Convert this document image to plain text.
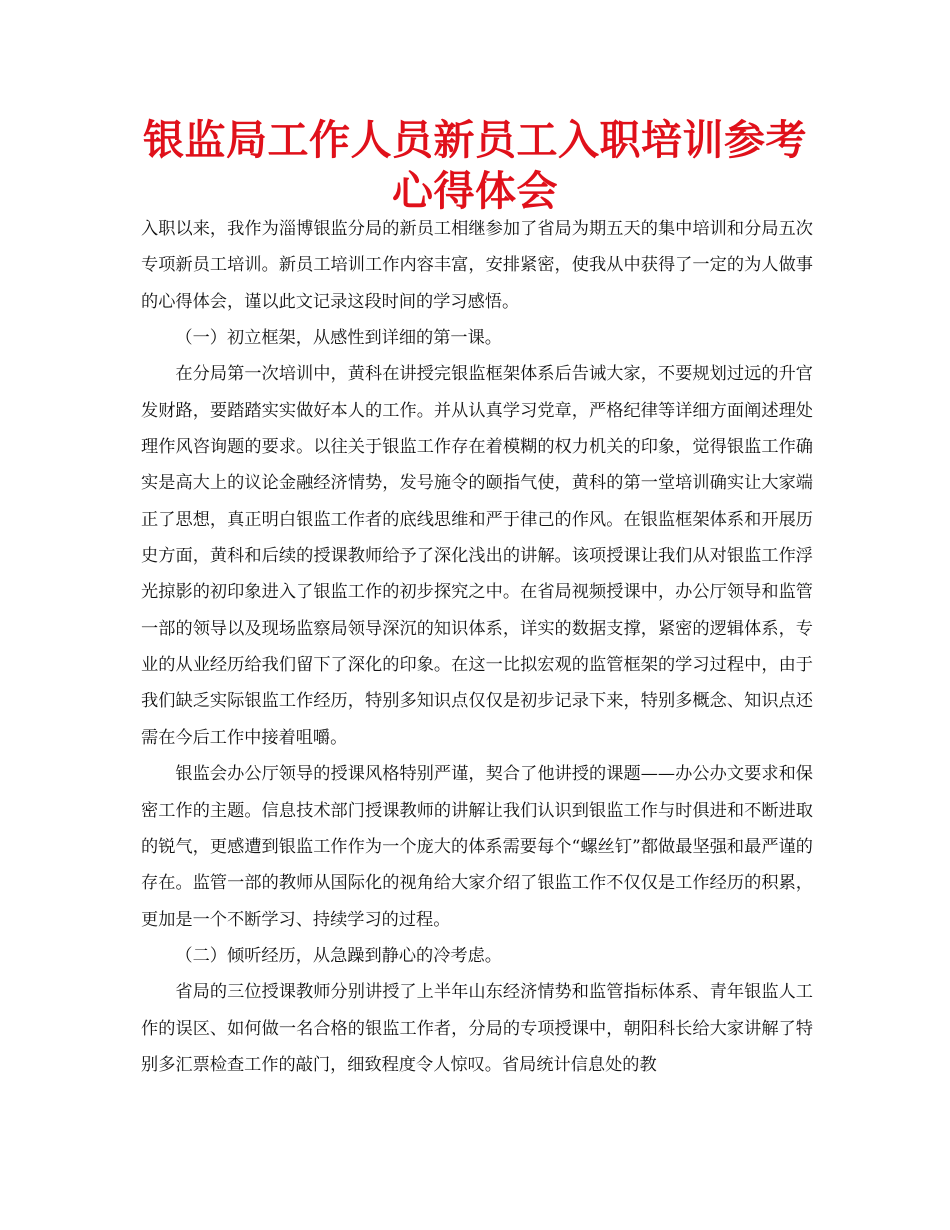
银监局工作人员新员工入职培训参考心得体会

入职以来，我作为淄博银监分局的新员工相继参加了省局为期五天的集中培训和分局五次专项新员工培训。新员工培训工作内容丰富，安排紧密，使我从中获得了一定的为人做事的心得体会，谨以此文记录这段时间的学习感悟。

（一）初立框架，从感性到详细的第一课。

在分局第一次培训中，黄科在讲授完银监框架体系后告诫大家，不要规划过远的升官发财路，要踏踏实实做好本人的工作。并从认真学习党章，严格纪律等详细方面阐述理处理作风咨询题的要求。以往关于银监工作存在着模糊的权力机关的印象，觉得银监工作确实是高大上的议论金融经济情势，发号施令的颐指气使，黄科的第一堂培训确实让大家端正了思想，真正明白银监工作者的底线思维和严于律己的作风。在银监框架体系和开展历史方面，黄科和后续的授课教师给予了深化浅出的讲解。该项授课让我们从对银监工作浮光掠影的初印象进入了银监工作的初步探究之中。在省局视频授课中，办公厅领导和监管一部的领导以及现场监察局领导深沉的知识体系，详实的数据支撑，紧密的逻辑体系，专业的从业经历给我们留下了深化的印象。在这一比拟宏观的监管框架的学习过程中，由于我们缺乏实际银监工作经历，特别多知识点仅仅是初步记录下来，特别多概念、知识点还需在今后工作中接着咀嚼。

银监会办公厅领导的授课风格特别严谨，契合了他讲授的课题——办公办文要求和保密工作的主题。信息技术部门授课教师的讲解让我们认识到银监工作与时俱进和不断进取的锐气，更感遭到银监工作作为一个庞大的体系需要每个“螺丝钉”都做最坚强和最严谨的存在。监管一部的教师从国际化的视角给大家介绍了银监工作不仅仅是工作经历的积累，更加是一个不断学习、持续学习的过程。

（二）倾听经历，从急躁到静心的冷考虑。

省局的三位授课教师分别讲授了上半年山东经济情势和监管指标体系、青年银监人工作的误区、如何做一名合格的银监工作者，分局的专项授课中，朝阳科长给大家讲解了特别多汇票检查工作的敲门，细致程度令人惊叹。省局统计信息处的教
